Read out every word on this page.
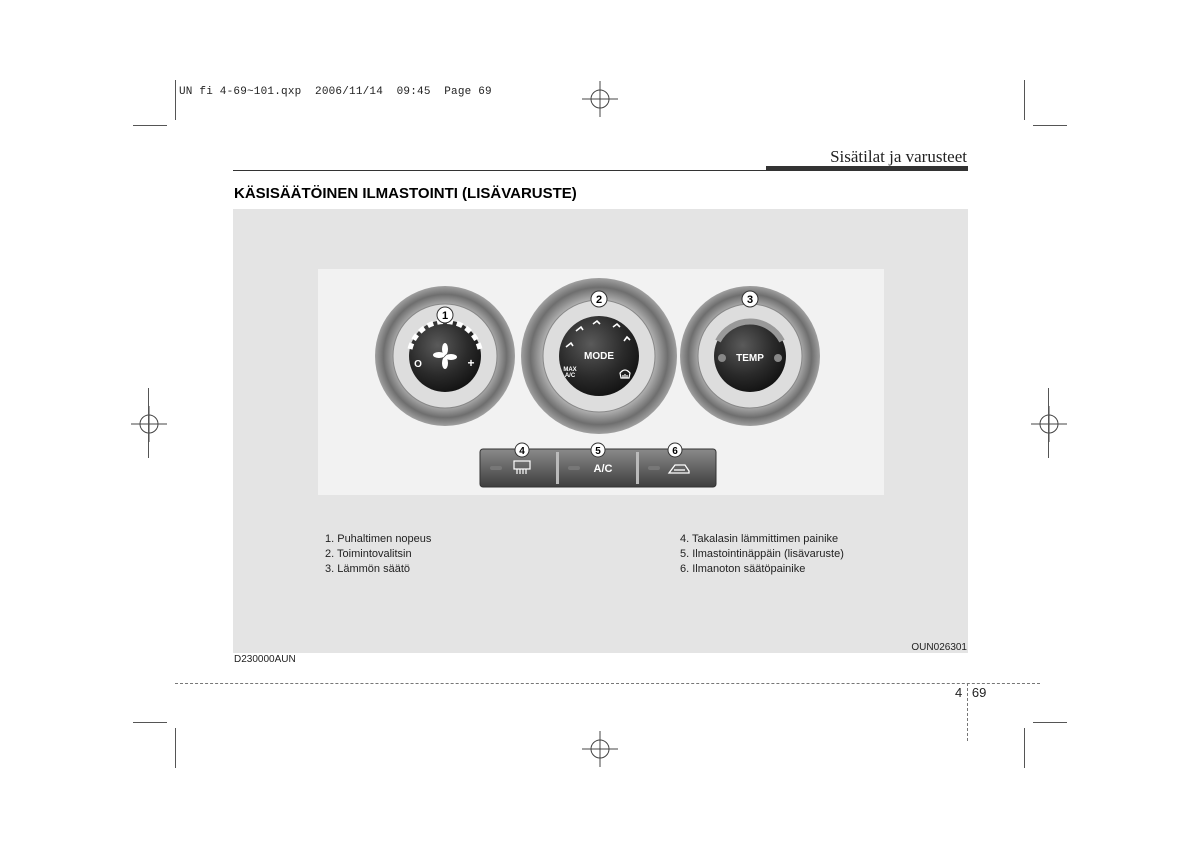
UN fi 4-69~101.qxp  2006/11/14  09:45  Page 69
Sisätilat ja varusteet
KÄSISÄÄTÖINEN ILMASTOINTI (LISÄVARUSTE)
1
O	+
2
MODE
MAX
A/C
3
TEMP
4
A/C
5	6
1. Puhaltimen nopeus
2. Toimintovalitsin
3. Lämmön säätö
4. Takalasin lämmittimen painike
5. Ilmastointinäppäin (lisävaruste)
6. Ilmanoton säätöpainike
OUN026301
D230000AUN
4 69
